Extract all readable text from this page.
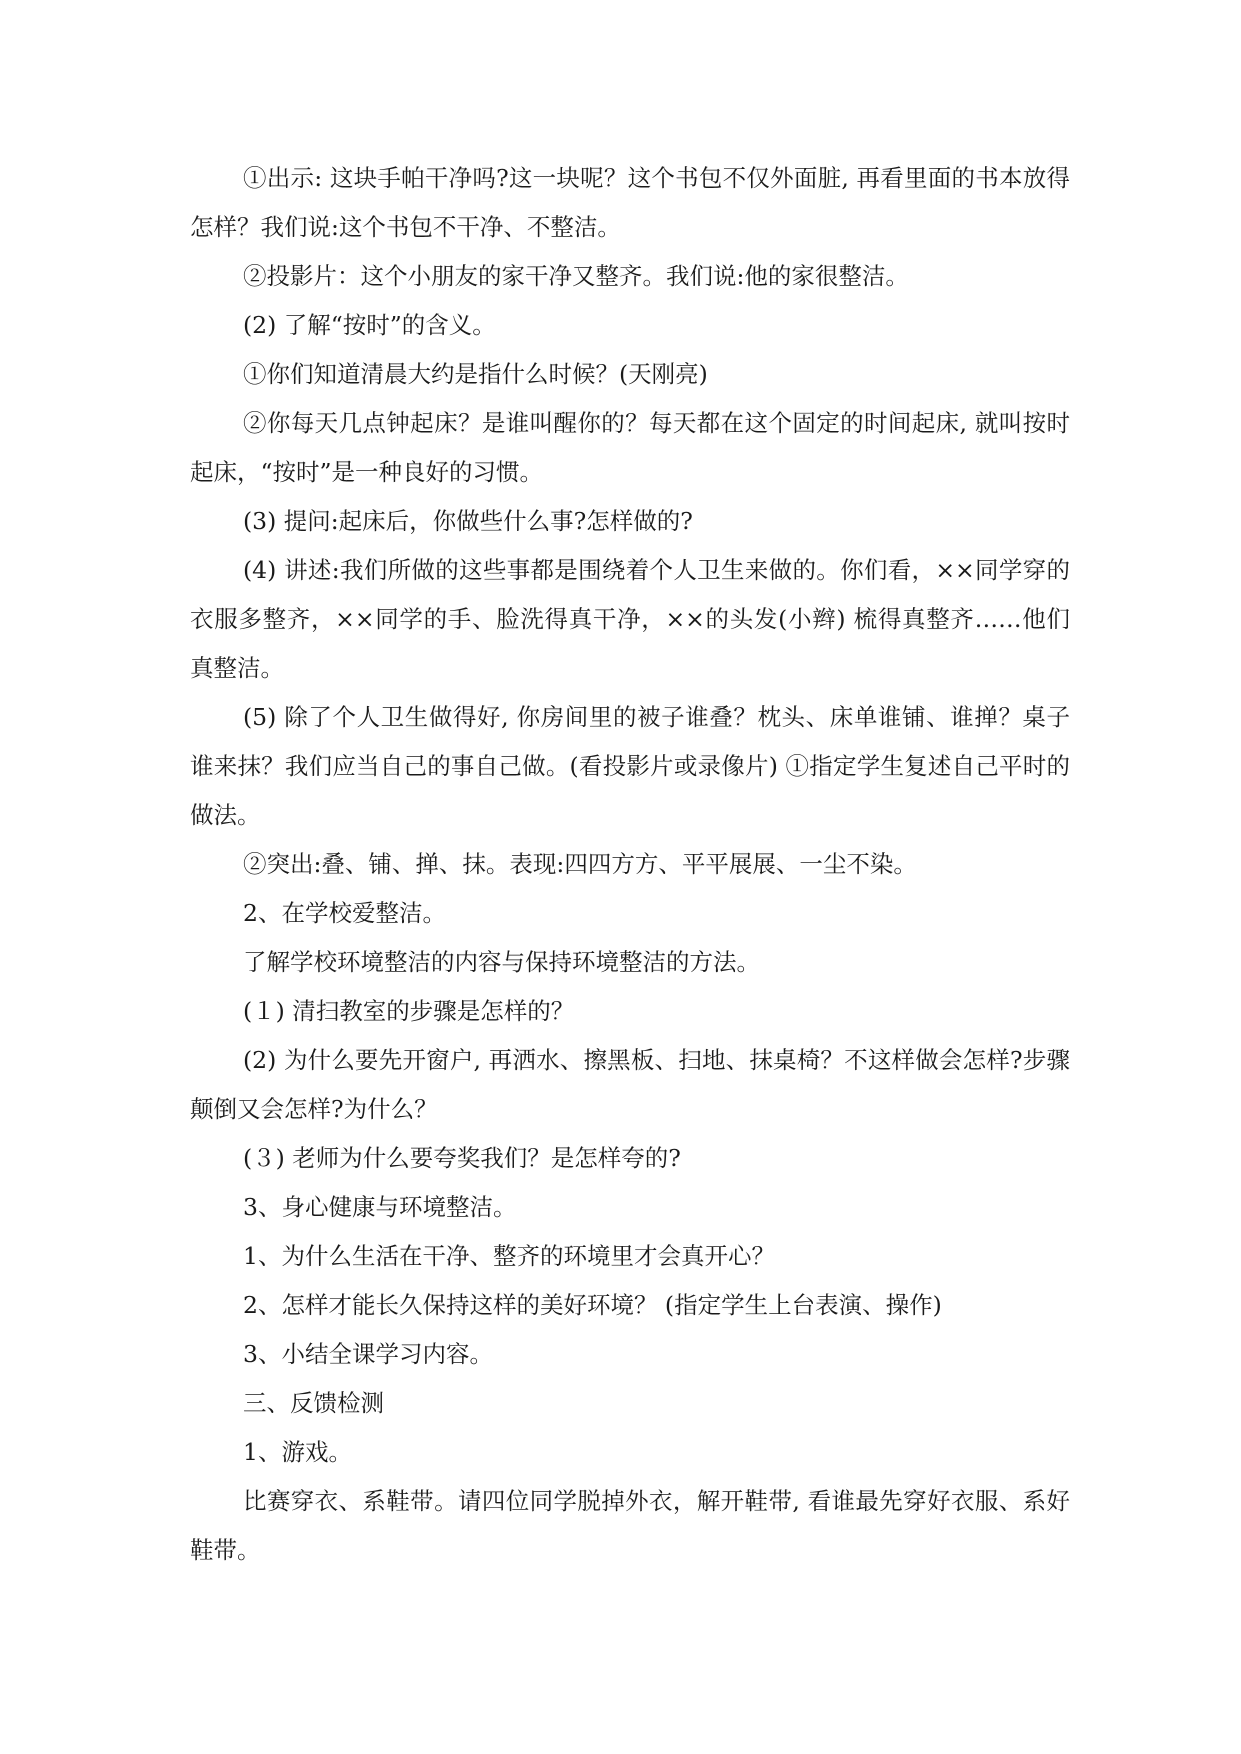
①出示: 这块手帕干净吗?这一块呢？这个书包不仅外面脏, 再看里面的书本放得怎样？我们说:这个书包不干净、不整洁。

②投影片：这个小朋友的家干净又整齐。我们说:他的家很整洁。

(2) 了解“按时”的含义。

①你们知道清晨大约是指什么时候？(天刚亮)

②你每天几点钟起床？是谁叫醒你的？每天都在这个固定的时间起床, 就叫按时起床，“按时”是一种良好的习惯。

(3) 提问:起床后，你做些什么事?怎样做的?

(4) 讲述:我们所做的这些事都是围绕着个人卫生来做的。你们看，××同学穿的衣服多整齐，××同学的手、脸洗得真干净，××的头发(小辫) 梳得真整齐……他们真整洁。

(5) 除了个人卫生做得好, 你房间里的被子谁叠？枕头、床单谁铺、谁掸？桌子谁来抹？我们应当自己的事自己做。(看投影片或录像片) ①指定学生复述自己平时的做法。

②突出:叠、铺、掸、抹。表现:四四方方、平平展展、一尘不染。

2、在学校爱整洁。

了解学校环境整洁的内容与保持环境整洁的方法。

(１) 清扫教室的步骤是怎样的？

(2) 为什么要先开窗户, 再洒水、擦黑板、扫地、抹桌椅？不这样做会怎样?步骤颠倒又会怎样?为什么？

(３) 老师为什么要夸奖我们？是怎样夸的?

3、身心健康与环境整洁。

1、为什么生活在干净、整齐的环境里才会真开心？

2、怎样才能长久保持这样的美好环境？ (指定学生上台表演、操作)

3、小结全课学习内容。

三、反馈检测

1、游戏。

比赛穿衣、系鞋带。请四位同学脱掉外衣，解开鞋带, 看谁最先穿好衣服、系好鞋带。
